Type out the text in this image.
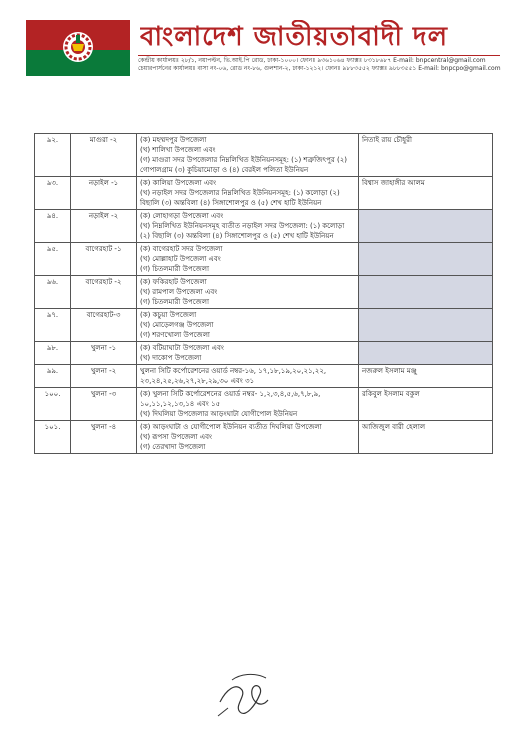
বাংলাদেশ জাতীয়তাবাদী দল
কেন্দ্রীয় কার্যালয়ঃ ২৮/১, নয়াপল্টন, ভি.আই.পি রোড, ঢাকা-১০০০। ফোনঃ ৯৩৬১০৬৪ ফ্যাক্সঃ ৮৩১৮৬৮৭ E-mail: bnpcentral@gmail.com
চেয়ারপার্সনের কার্যালয়ঃ বাসা নং-০৬, রোড নং-৮৬, গুলশান-২, ঢাকা-১২১২। ফোনঃ ৯৮৮৩৫৫২ ফ্যাক্সঃ ৯৮৮৩৫৫১ E-mail: bnpcpo@gmail.com
৯২.	মাগুরা -২	(ক) মহম্মদপুর উপজেলা
(খ) শালিখা উপজেলা এবং
(গ) মাগুরা সদর উপজেলার নিম্নলিখিত ইউনিয়নসমূহ: (১) শত্রুজিৎপুর (২) গোপালগ্রাম (৩) কুচিয়ামোড়া ও (৪) বেরইল পলিতা ইউনিয়ন	নিতাই রায় চৌধুরী
৯৩.	নড়াইল -১	(ক) কালিয়া উপজেলা এবং
(খ) নড়াইল সদর উপজেলার নিম্নলিখিত ইউনিয়নসমূহ: (১) কলোড়া (২) বিছালি (৩) অন্তবিলা (৪) সিঙ্গাশোলপুর ও (৫) শেখ হাটি ইউনিয়ন	বিশ্বাস জাহাঙ্গীর আলম
৯৪.	নড়াইল -২	(ক) লোহাগড়া উপজেলা এবং
(খ) নিম্নলিখিত ইউনিয়নসমূহ ব্যতীত নড়াইল সদর উপজেলা: (১) কলোড়া (২) বিছালি (৩) অন্তবিলা (৪) সিঙ্গাশোলপুর ও (৫) শেখ হাটি ইউনিয়ন	

৯৫.	বাগেরহাট -১	(ক) বাগেরহাট সদর উপজেলা
(খ) মোল্লাহাট উপজেলা এবং
(গ) চিতলমারী উপজেলা	

৯৬.	বাগেরহাট -২	(ক) ফকিরহাট উপজেলা
(খ) রামপাল উপজেলা এবং
(গ) চিতলমারী উপজেলা	

৯৭.	বাগেরহাট-৩	(ক) কচুয়া উপজেলা
(খ) মোড়েলগঞ্জ উপজেলা
(গ) শরণখোলা উপজেলা	

৯৮.	খুলনা -১	(ক) বটিয়াঘাটা উপজেলা এবং
(খ) দাকোপ উপজেলা	

৯৯.	খুলনা -২	খুলনা সিটি কর্পোরেশনের ওয়ার্ড নম্বর-১৬, ১৭,১৮,১৯,২০,২১,২২, ২৩,২৪,২৫,২৬,২৭,২৮,২৯,৩০ এবং ৩১	নজরুল ইসলাম মঞ্জু
১০০.	খুলনা -৩	(ক) খুলনা সিটি কর্পোরেশনের ওয়ার্ড নম্বর- ১,২,৩,৪,৫,৬,৭,৮,৯, ১০,১১,১২,১৩,১৪ এবং ১৫
(খ) দিঘলিয়া উপজেলার আড়ংঘাটা যোগীপোল ইউনিয়ন	রকিবুল ইসলাম বকুল
১০১.	খুলনা -৪	(ক) আড়ংঘাটা ও যোগীপোল ইউনিয়ন ব্যতীত দিঘলিয়া উপজেলা
(খ) রূপসা উপজেলা এবং
(গ) তেরখাদা উপজেলা	আজিজুল বারী হেলাল
